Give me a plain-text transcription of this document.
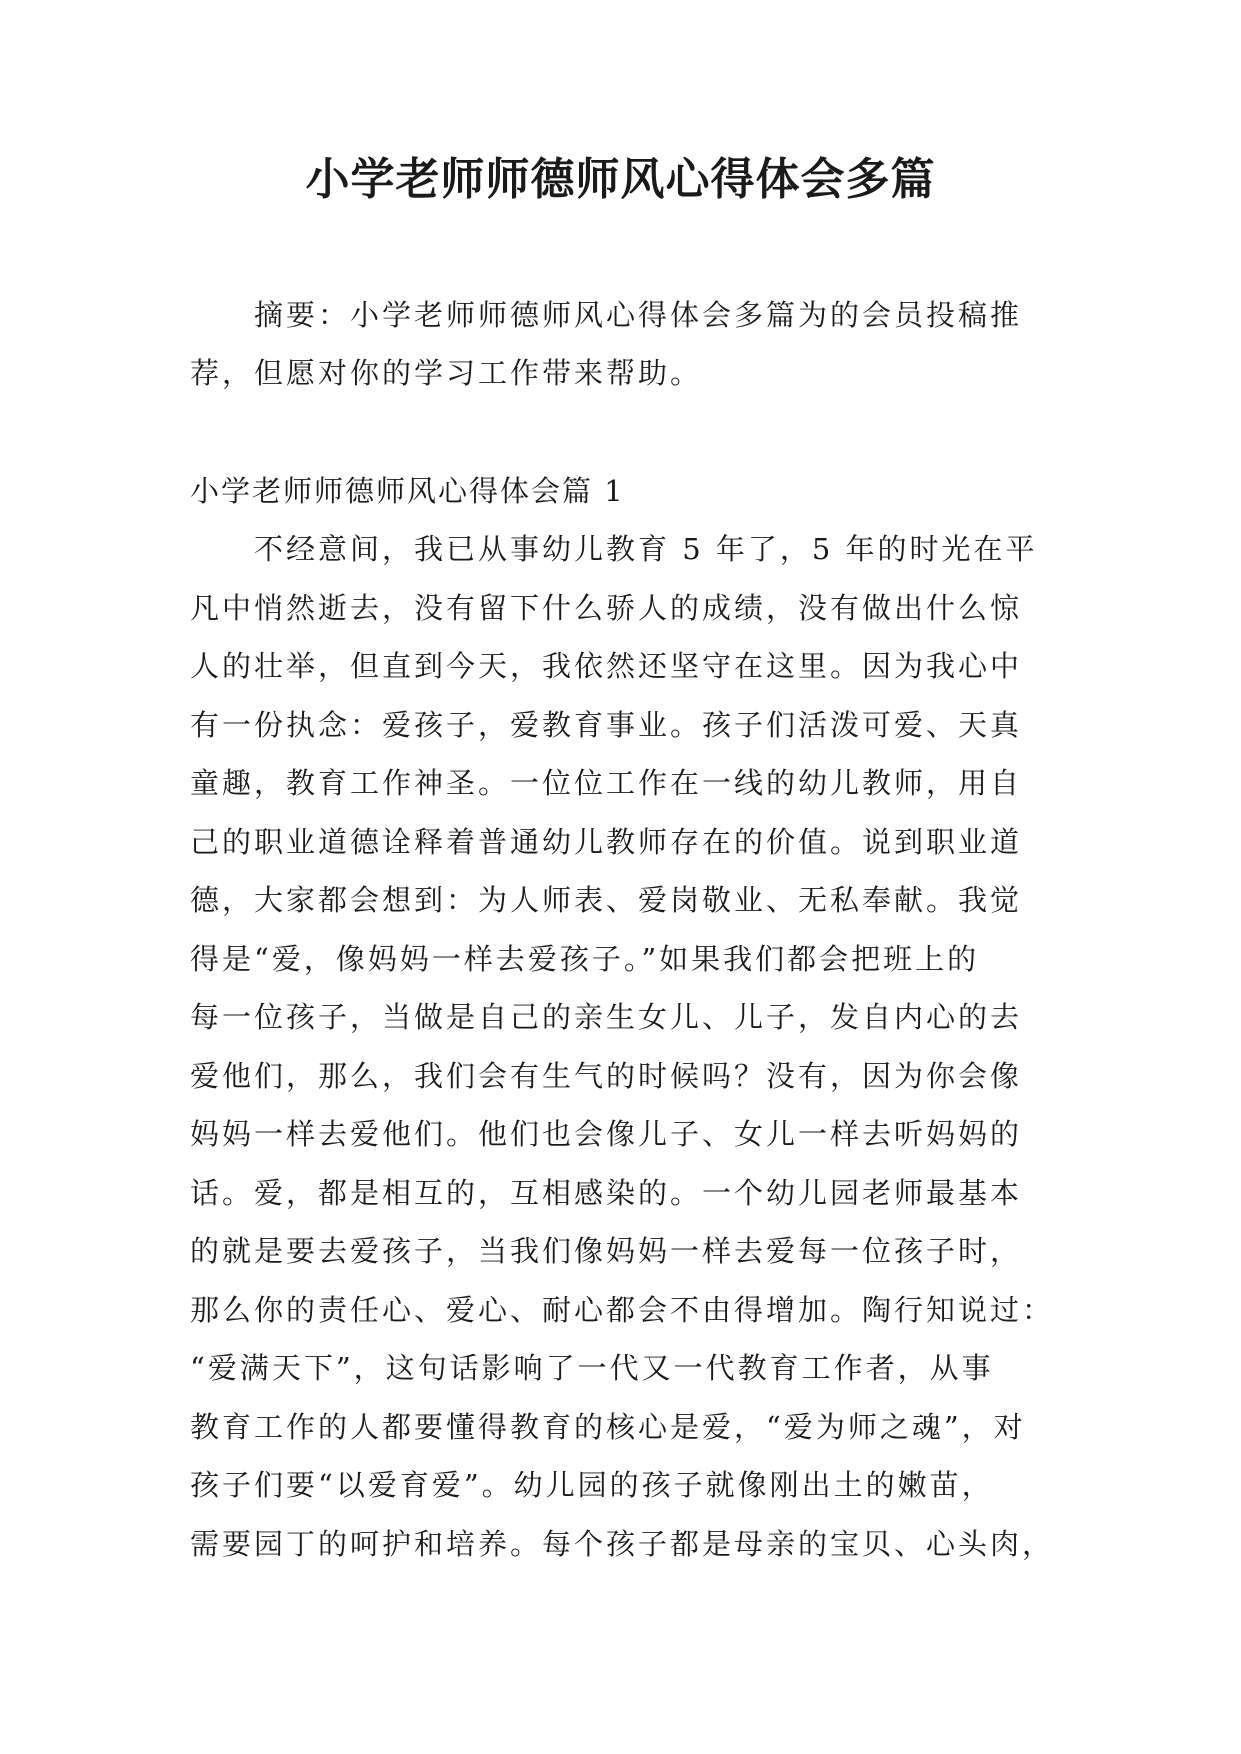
小学老师师德师风心得体会多篇
摘要：小学老师师德师风心得体会多篇为的会员投稿推
荐，但愿对你的学习工作带来帮助。
小学老师师德师风心得体会篇 1
不经意间，我已从事幼儿教育 5 年了，5 年的时光在平
凡中悄然逝去，没有留下什么骄人的成绩，没有做出什么惊
人的壮举，但直到今天，我依然还坚守在这里。因为我心中
有一份执念：爱孩子，爱教育事业。孩子们活泼可爱、天真
童趣，教育工作神圣。一位位工作在一线的幼儿教师，用自
己的职业道德诠释着普通幼儿教师存在的价值。说到职业道
德，大家都会想到：为人师表、爱岗敬业、无私奉献。我觉
得是“爱，像妈妈一样去爱孩子。”如果我们都会把班上的
每一位孩子，当做是自己的亲生女儿、儿子，发自内心的去
爱他们，那么，我们会有生气的时候吗？没有，因为你会像
妈妈一样去爱他们。他们也会像儿子、女儿一样去听妈妈的
话。爱，都是相互的，互相感染的。一个幼儿园老师最基本
的就是要去爱孩子，当我们像妈妈一样去爱每一位孩子时，
那么你的责任心、爱心、耐心都会不由得增加。陶行知说过：
“爱满天下”，这句话影响了一代又一代教育工作者，从事
教育工作的人都要懂得教育的核心是爱，“爱为师之魂”，对
孩子们要“以爱育爱”。幼儿园的孩子就像刚出土的嫩苗，
需要园丁的呵护和培养。每个孩子都是母亲的宝贝、心头肉，
